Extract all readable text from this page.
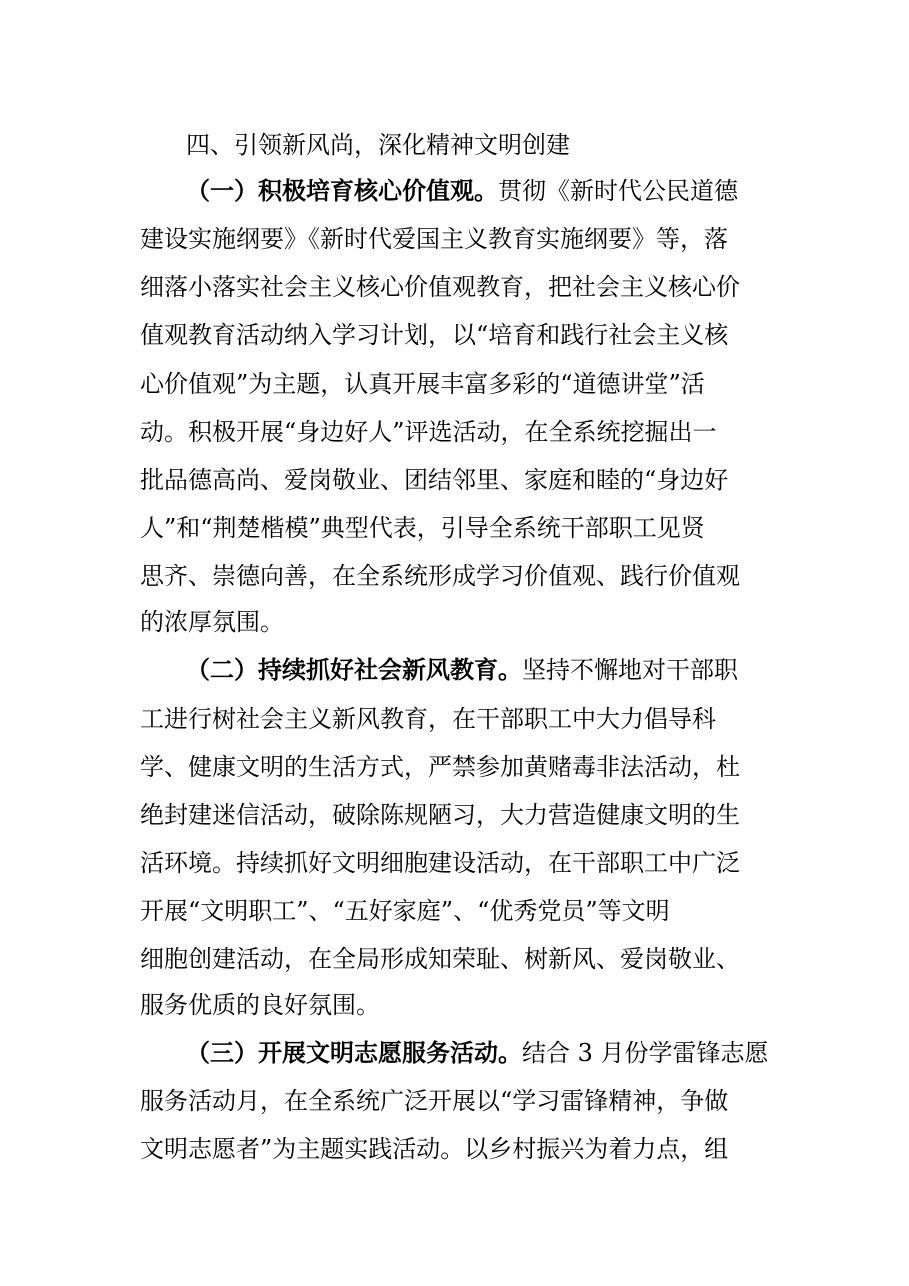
四、引领新风尚，深化精神文明创建
（一）积极培育核心价值观。贯彻《新时代公民道德
建设实施纲要》《新时代爱国主义教育实施纲要》等，落
细落小落实社会主义核心价值观教育，把社会主义核心价
值观教育活动纳入学习计划，以“培育和践行社会主义核
心价值观”为主题，认真开展丰富多彩的“道德讲堂”活
动。积极开展“身边好人”评选活动，在全系统挖掘出一
批品德高尚、爱岗敬业、团结邻里、家庭和睦的“身边好
人”和“荆楚楷模”典型代表，引导全系统干部职工见贤
思齐、崇德向善，在全系统形成学习价值观、践行价值观
的浓厚氛围。
（二）持续抓好社会新风教育。坚持不懈地对干部职
工进行树社会主义新风教育，在干部职工中大力倡导科
学、健康文明的生活方式，严禁参加黄赌毒非法活动，杜
绝封建迷信活动，破除陈规陋习，大力营造健康文明的生
活环境。持续抓好文明细胞建设活动，在干部职工中广泛
开展“文明职工”、“五好家庭”、“优秀党员”等文明
细胞创建活动，在全局形成知荣耻、树新风、爱岗敬业、
服务优质的良好氛围。
（三）开展文明志愿服务活动。结合 3 月份学雷锋志愿
服务活动月，在全系统广泛开展以“学习雷锋精神，争做
文明志愿者”为主题实践活动。以乡村振兴为着力点，组
